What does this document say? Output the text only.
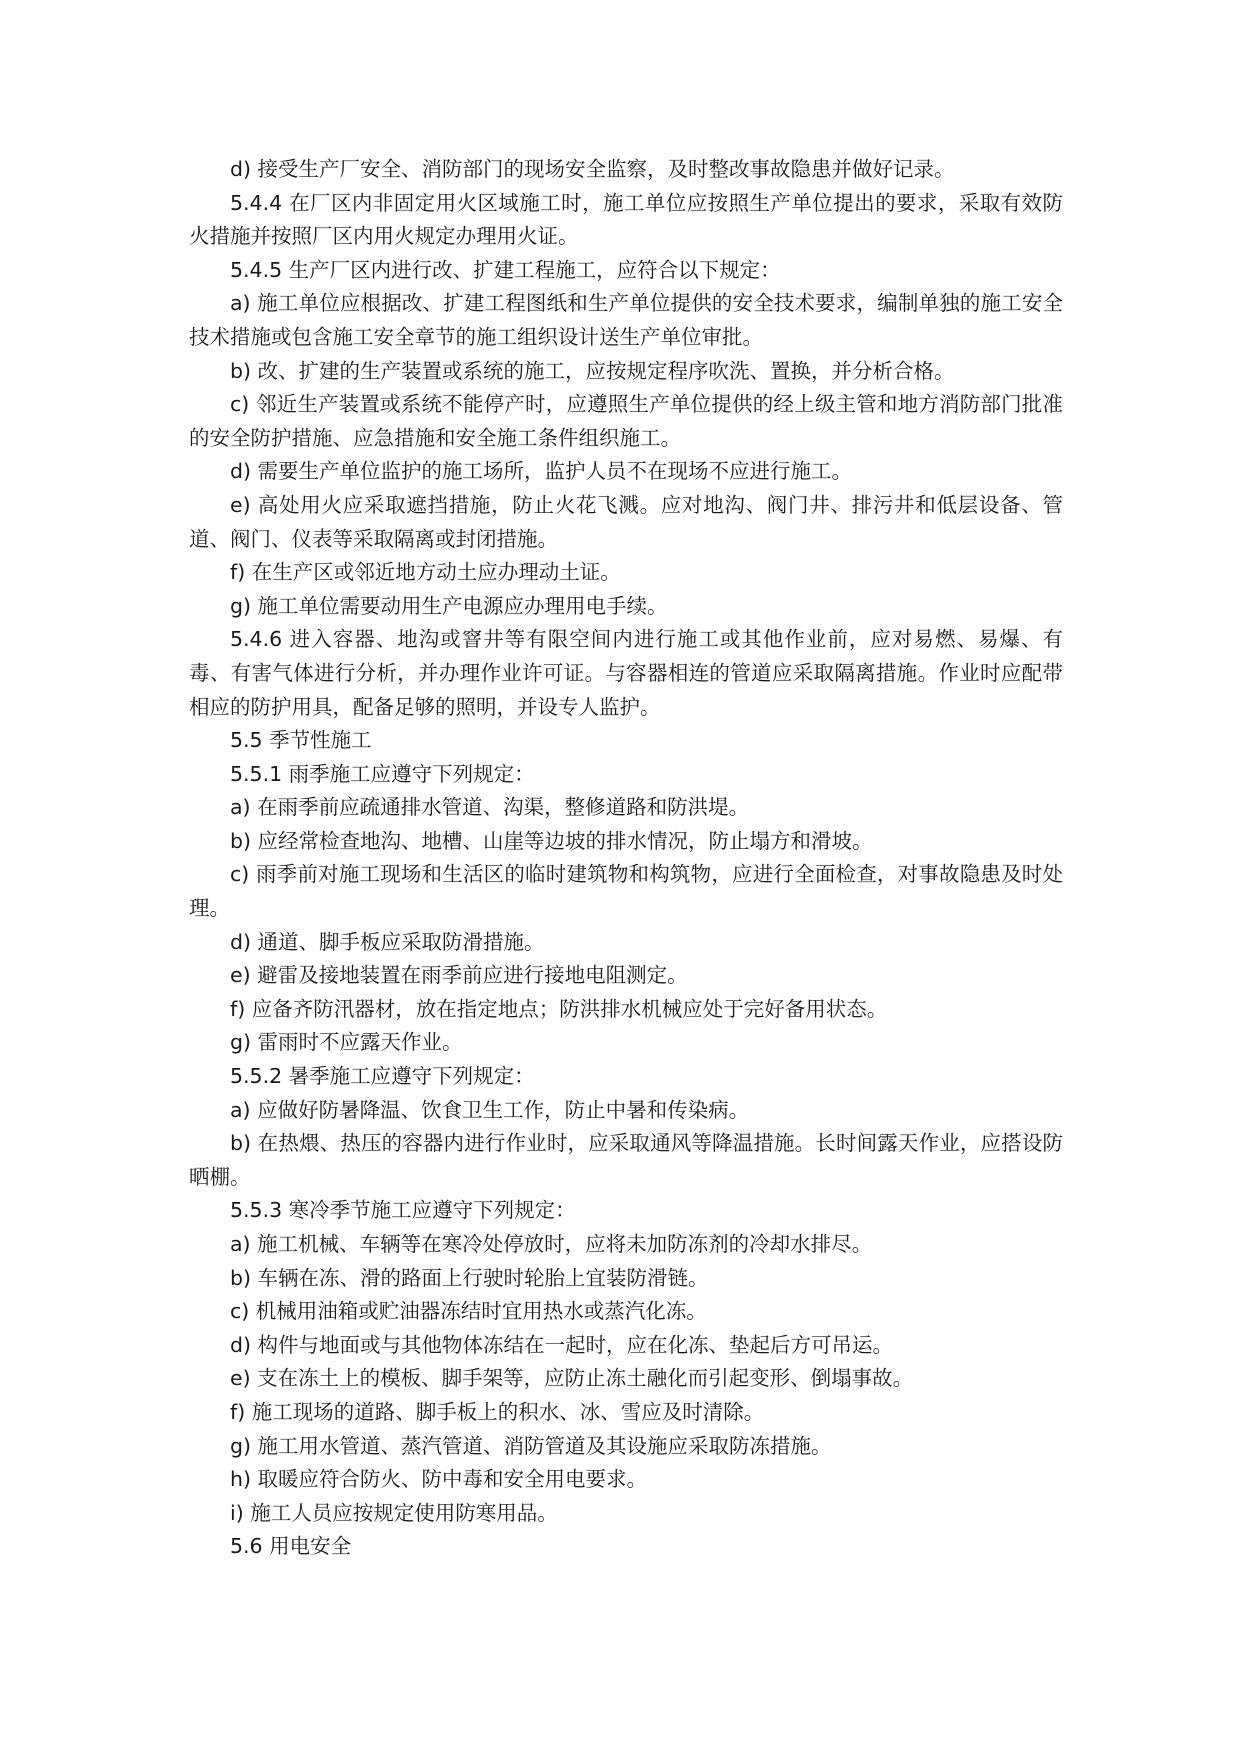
d) 接受生产厂安全、消防部门的现场安全监察，及时整改事故隐患并做好记录。

5.4.4 在厂区内非固定用火区域施工时，施工单位应按照生产单位提出的要求，采取有效防火措施并按照厂区内用火规定办理用火证。

5.4.5 生产厂区内进行改、扩建工程施工，应符合以下规定：

a) 施工单位应根据改、扩建工程图纸和生产单位提供的安全技术要求，编制单独的施工安全技术措施或包含施工安全章节的施工组织设计送生产单位审批。

b) 改、扩建的生产装置或系统的施工，应按规定程序吹洗、置换，并分析合格。

c) 邻近生产装置或系统不能停产时，应遵照生产单位提供的经上级主管和地方消防部门批准的安全防护措施、应急措施和安全施工条件组织施工。

d) 需要生产单位监护的施工场所，监护人员不在现场不应进行施工。

e) 高处用火应采取遮挡措施，防止火花飞溅。应对地沟、阀门井、排污井和低层设备、管道、阀门、仪表等采取隔离或封闭措施。

f) 在生产区或邻近地方动土应办理动土证。

g) 施工单位需要动用生产电源应办理用电手续。

5.4.6 进入容器、地沟或窨井等有限空间内进行施工或其他作业前，应对易燃、易爆、有毒、有害气体进行分析，并办理作业许可证。与容器相连的管道应采取隔离措施。作业时应配带相应的防护用具，配备足够的照明，并设专人监护。

5.5 季节性施工

5.5.1 雨季施工应遵守下列规定：

a) 在雨季前应疏通排水管道、沟渠，整修道路和防洪堤。

b) 应经常检查地沟、地槽、山崖等边坡的排水情况，防止塌方和滑坡。

c) 雨季前对施工现场和生活区的临时建筑物和构筑物，应进行全面检查，对事故隐患及时处理。

d) 通道、脚手板应采取防滑措施。

e) 避雷及接地装置在雨季前应进行接地电阻测定。

f) 应备齐防汛器材，放在指定地点；防洪排水机械应处于完好备用状态。

g) 雷雨时不应露天作业。

5.5.2 暑季施工应遵守下列规定：

a) 应做好防暑降温、饮食卫生工作，防止中暑和传染病。

b) 在热煨、热压的容器内进行作业时，应采取通风等降温措施。长时间露天作业，应搭设防晒棚。

5.5.3 寒冷季节施工应遵守下列规定：

a) 施工机械、车辆等在寒冷处停放时，应将未加防冻剂的冷却水排尽。

b) 车辆在冻、滑的路面上行驶时轮胎上宜装防滑链。

c) 机械用油箱或贮油器冻结时宜用热水或蒸汽化冻。

d) 构件与地面或与其他物体冻结在一起时，应在化冻、垫起后方可吊运。

e) 支在冻土上的模板、脚手架等，应防止冻土融化而引起变形、倒塌事故。

f) 施工现场的道路、脚手板上的积水、冰、雪应及时清除。

g) 施工用水管道、蒸汽管道、消防管道及其设施应采取防冻措施。

h) 取暖应符合防火、防中毒和安全用电要求。

i) 施工人员应按规定使用防寒用品。

5.6 用电安全
